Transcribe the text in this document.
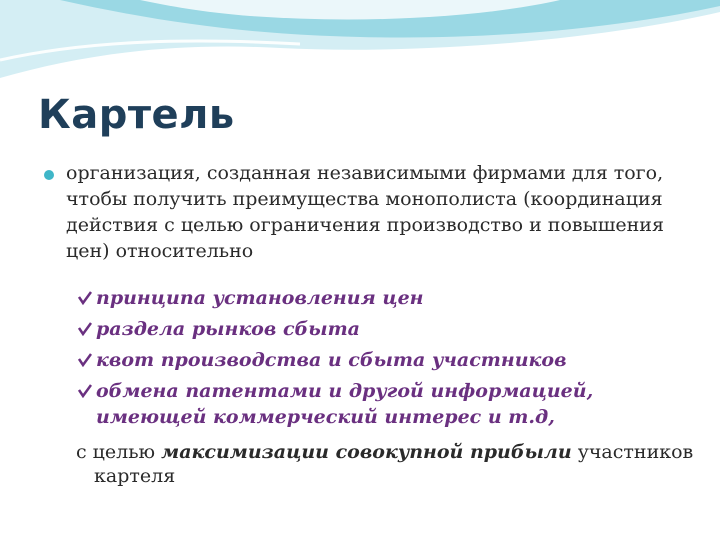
Картель
организация, созданная независимыми фирмами для того, чтобы получить преимущества монополиста (координация действия с целью ограничения производство и повышения цен) относительно
принципа установления цен
раздела рынков сбыта
квот производства и сбыта участников
обмена патентами и другой информацией, имеющей коммерческий интерес и т.д,
с целью максимизации совокупной прибыли участников
картеля
